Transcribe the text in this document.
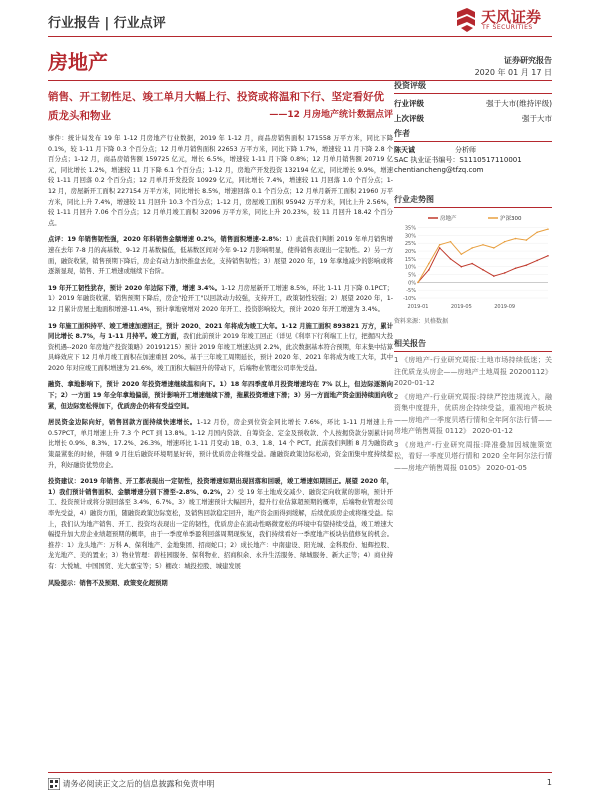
行业报告 | 行业点评	天风证券
TF SECURITIES
房地产	证券研究报告
2020 年 01 月 17 日
销售、开工韧性足、竣工单月大幅上行、投资或将温和下行、坚定看好优质龙头和物业	——12 月房地产统计数据点评

事件：统计局发布 19 年 1-12 月房地产行业数据，2019 年 1-12 月，商品房销售面积 171558 万平方米，同比下降 0.1%，较 1-11 月下降 0.3 个百分点；12 月单月销售面积 22653 万平方米，同比下降 1.7%，增速较 11 月下降 2.8 个百分点；1-12 月，商品房销售额 159725 亿元，增长 6.5%，增速较 1-11 月下降 0.8%；12 月单月销售额 20719 亿元，同比增长 1.2%，增速较 11 月下降 6.1 个百分点；1-12 月，房地产开发投资 132194 亿元，同比增长 9.9%，增速较 1-11 月回落 0.2 个百分点；12 月单月开发投资 10929 亿元，同比增长 7.4%，增速较 11 月回落 1.0 个百分点；1-12 月，房屋新开工面积 227154 万平方米，同比增长 8.5%，增速回落 0.1 个百分点；12 月单月新开工面积 21960 万平方米，同比上升 7.4%，增速较 11 月回升 10.3 个百分点；1-12 月，房屋竣工面积 95942 万平方米，同比上升 2.56%，较 1-11 月回升 7.06 个百分点；12 月单月竣工面积 32096 万平方米，同比上升 20.23%，较 11 月回升 18.42 个百分点。

点评：19 年销售韧性强，2020 年料销售金额增速 0.2%，销售面积增速-2.8%：1）此前我们判断 2019 年单月销售增速在去年 7-8 月的高基数、9-12 月基数偏低，低基数区间对今年 9-12 月影响明显，使得销售表现出一定韧性。2）另一方面，融资收紧，销售预期下降后，房企有动力加快推盘去化，支持销售韧性；3）展望 2020 年，19 年拿地减少的影响或将逐渐显现，销售、开工增速或继续下台阶。

19 年开工韧性犹存，预计 2020 年边际下滑，增速 3.4%。1-12 月房屋新开工增速 8.5%，环比 1-11 月下降 0.1PCT；1）2019 年融资收紧、销售预期下降后，房企"抢开工"以回款动力较强，支持开工，政策韧性较强；2）展望 2020 年，1-12 月累计房屋土地面积增速-11.4%，预计拿地衰增对 2020 年开工、投资影响较大，预计 2020 年开工增速为 3.4%。

19 年施工面积持平、竣工增速加速回正，预计 2020、2021 年将成为竣工大年。1-12 月施工面积 893821 万方，累计同比增长 8.7%，与 1-11 月持平。竣工方面，我们此前预计 2019 年竣工回正（详见《利率下行利端工上行，把握四大投资机遇--2020 年房地产投资策略》20191215）预计 2019 年竣工增速达到 2.2%，此次数据基本符合预期，年末集中结算具峰效应下 12 月单月竣工面积在加速重回 20%。基于三年竣工周期延长，预计 2020 年、2021 年将成为竣工大年，其中 2020 年对应竣工面积增速为 21.6%，竣工面积大幅回升的带动下，后端物业管理公司率先受益。

融资、拿地影响下，预计 2020 年投资增速继续温和向下。1）18 年四季度单月投资增速均在 7% 以上，但边际逐渐向下；2）一方面 19 年全年拿地偏弱，预计影响开工增速继续下滑，拖累投资增速下滑；3）另一方面地产资金面持续面向收紧，但边际宽松得加下，优质房企仍将有受益空间。

居民资金边际向好，销售回款方面持续快速增长。1-12 月份，房企到位资金同比增长 7.6%，环比 1-11 月增速上升 0.57PCT，单月增速上升 7.3 个 PCT 到 13.8%。1-12 月国内贷款、自筹资金、定金及预收款、个人按揭贷款分别累计同比增长 0.9%、8.3%、17.2%、26.3%，增速环比 1-11 月变动 1B、0.3、1.8、14 个 PCT。此前我们判断 8 月为融资政策最紧张的时候，伴随 9 月往后融资环境明显好转，预计优质房企将继受益。融融资政策边际松动，资金面集中度持续提升，利好融资优势房企。

投资建议：2019 年销售、开工都表现出一定韧性，投资增速如期出现回落和回暖，竣工增速如期回正。展望 2020 年，1）我们预计销售面积、金额增速分别下滑至-2.8%、0.2%，2）受 19 年土地成交减少、融资定向收紧的影响，预计开工、投资预计或将分别回落至 3.4%、6.7%。3）竣工增速预计大幅回升，提升行业估算超预期的概率，后端物业管理公司率先受益，4）融资方面，随融资政策边际宽松，及销售回款稳定回升，地产资金面得到缓解，后续优质房企或将继受益。综上，我们认为地产销售、开工、投资均表现出一定的韧性，优质房企在流动性略微宽松的环境中有望持续受益，竣工增速大幅提升加大房企业绩超预期的概率，由于一季度单季盈利回落周期现恢复，我们持续看好一季度地产板块估值修复的机会。推荐：1）龙头地产：万科 A、保利地产、金地集团、招商蛇口；2）成长地产：中南建设、阳光城、金科股份、旭辉控股、龙光地产、美的置业；3）物业管理：碧桂园服务、保利物业、招商积余、永升生活服务、绿城服务、新大正等；4）商业持有：大悦城、中国国贸、光大嘉宝等；5）棚改：城投控股、城建发展

风险提示：销售不及预期、政策变化超预期

投资评级
行业评级	强于大市(维持评级)
上次评级	强于大市
作者
陈天诚	分析师
SAC 执业证书编号：S1110517110001
chentiancheng@tfzq.com
行业走势图
-10%
-5%
0%
5%
10%
15%
20%
25%
30%
35%
2019-01	2019-05	2019-09
房地产	沪深300
资料来源：贝格数据
相关报告

1 《房地产-行业研究周报:土地市场持续低迷；关注优质龙头房企——房地产土地周报 20200112》 2020-01-12

2 《房地产-行业研究周报:持续严控违规流入，融资集中度提升，优质房企持续受益，重视地产板块——房地产一季度贝塔行情和全年阿尔法行情——房地产销售周报 0112》 2020-01-12

3 《房地产-行业研究周报:降准叠加因城施策宽松，看好一季度贝塔行情和 2020 全年阿尔法行情——房地产销售周报 0105》 2020-01-05

请务必阅读正文之后的信息披露和免责申明	1
